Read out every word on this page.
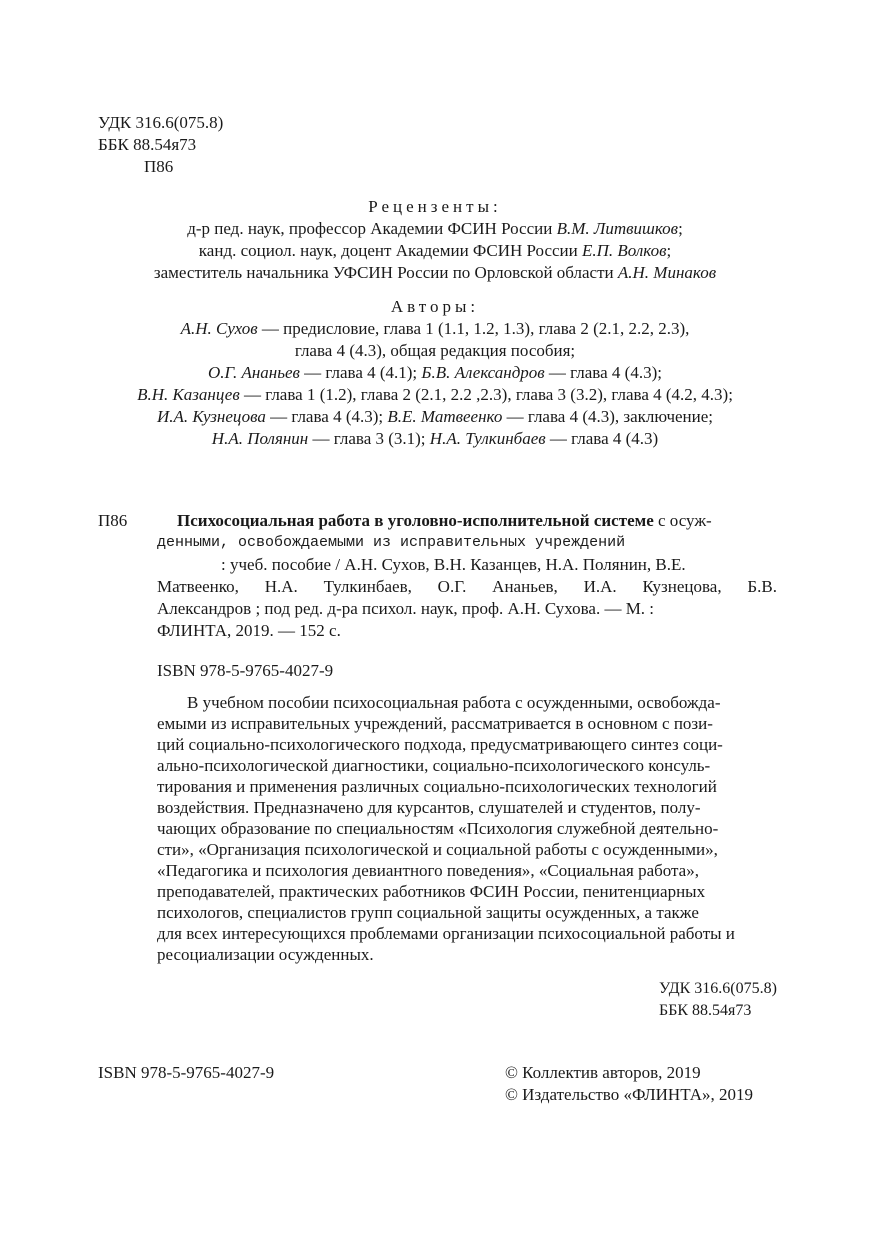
УДК 316.6(075.8)
ББК 88.54я73
П86
Рецензенты:
д-р пед. наук, профессор Академии ФСИН России В.М. Литвишков;
канд. социол. наук, доцент Академии ФСИН России Е.П. Волков;
заместитель начальника УФСИН России по Орловской области А.Н. Минаков
Авторы:
А.Н. Сухов — предисловие, глава 1 (1.1, 1.2, 1.3), глава 2 (2.1, 2.2, 2.3),
глава 4 (4.3), общая редакция пособия;
О.Г. Ананьев — глава 4 (4.1); Б.В. Александров — глава 4 (4.3);
В.Н. Казанцев — глава 1 (1.2), глава 2 (2.1, 2.2 ,2.3), глава 3 (3.2), глава 4 (4.2, 4.3);
И.А. Кузнецова — глава 4 (4.3); В.Е. Матвеенко — глава 4 (4.3), заключение;
Н.А. Полянин — глава 3 (3.1); Н.А. Тулкинбаев — глава 4 (4.3)
П86	Психосоциальная работа в уголовно-исполнительной системе с осуж-
денными, освобождаемыми из исправительных учреждений
: учеб. пособие / А.Н. Сухов, В.Н. Казанцев, Н.А. Полянин, В.Е.
Матвеенко, Н.А. Тулкинбаев, О.Г. Ананьев, И.А. Кузнецова, Б.В.
Александров ; под ред. д-ра психол. наук, проф. А.Н. Сухова. — М. :
ФЛИНТА, 2019. — 152 с.
ISBN 978-5-9765-4027-9
В учебном пособии психосоциальная работа с осужденными, освобожда-
емыми из исправительных учреждений, рассматривается в основном с пози-
ций социально-психологического подхода, предусматривающего синтез соци-
ально-психологической диагностики, социально-психологического консуль-
тирования и применения различных социально-психологических технологий
воздействия. Предназначено для курсантов, слушателей и студентов, полу-
чающих образование по специальностям «Психология служебной деятельно-
сти», «Организация психологической и социальной работы с осужденными»,
«Педагогика и психология девиантного поведения», «Социальная работа»,
преподавателей, практических работников ФСИН России, пенитенциарных
психологов, специалистов групп социальной защиты осужденных, а также
для всех интересующихся проблемами организации психосоциальной работы и
ресоциализации осужденных.
УДК 316.6(075.8)
ББК 88.54я73
ISBN 978-5-9765-4027-9	© Коллектив авторов, 2019
© Издательство «ФЛИНТА», 2019
